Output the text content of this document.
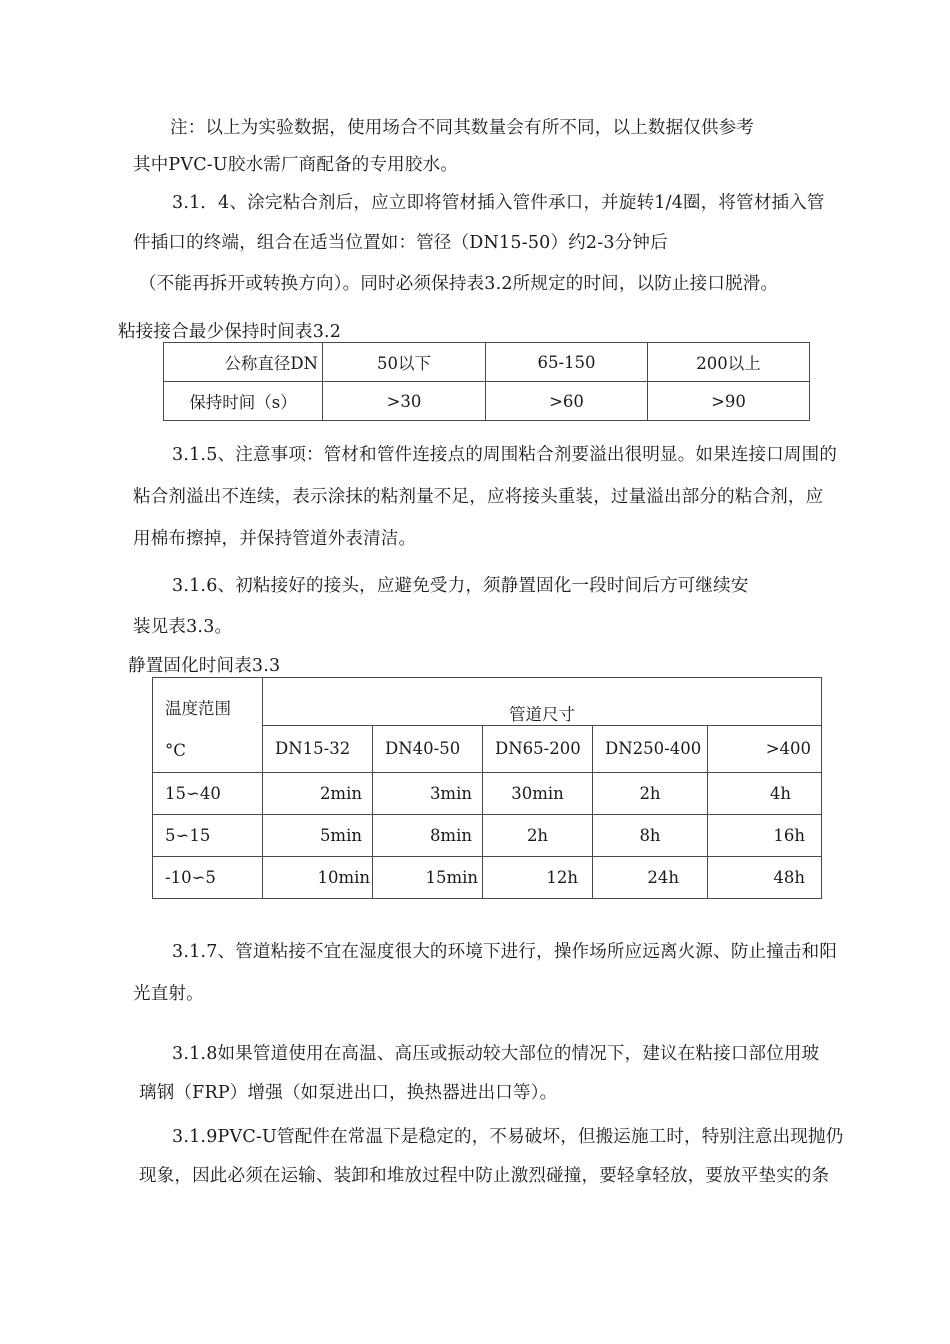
注：以上为实验数据，使用场合不同其数量会有所不同，以上数据仅供参考
其中PVC-U胶水需厂商配备的专用胶水。
3.1．4、涂完粘合剂后，应立即将管材插入管件承口，并旋转1/4圈，将管材插入管
件插口的终端，组合在适当位置如：管径（DN15-50）约2-3分钟后
（不能再拆开或转换方向）。同时必须保持表3.2所规定的时间，以防止接口脱滑。
粘接接合最少保持时间表3.2
公称直径DN	50以下	65-150	200以上
保持时间（s）	>30	>60	>90
3.1.5、注意事项：管材和管件连接点的周围粘合剂要溢出很明显。如果连接口周围的
粘合剂溢出不连续，表示涂抹的粘剂量不足，应将接头重装，过量溢出部分的粘合剂，应
用棉布擦掉，并保持管道外表清洁。
3.1.6、初粘接好的接头，应避免受力，须静置固化一段时间后方可继续安
装见表3.3。
静置固化时间表3.3
温度范围
°C	管道尺寸				
	DN15-32	DN40-50	DN65-200	DN250-400	>400
15∽40	2min	3min	30min	2h	4h
5∽15	5min	8min	2h	8h	16h
-10∽5	10min	15min	12h	24h	48h
3.1.7、管道粘接不宜在湿度很大的环境下进行，操作场所应远离火源、防止撞击和阳
光直射。
3.1.8如果管道使用在高温、高压或振动较大部位的情况下，建议在粘接口部位用玻
璃钢（FRP）增强（如泵进出口，换热器进出口等）。
3.1.9PVC-U管配件在常温下是稳定的，不易破坏，但搬运施工时，特别注意出现抛仍
现象，因此必须在运输、装卸和堆放过程中防止激烈碰撞，要轻拿轻放，要放平垫实的条
